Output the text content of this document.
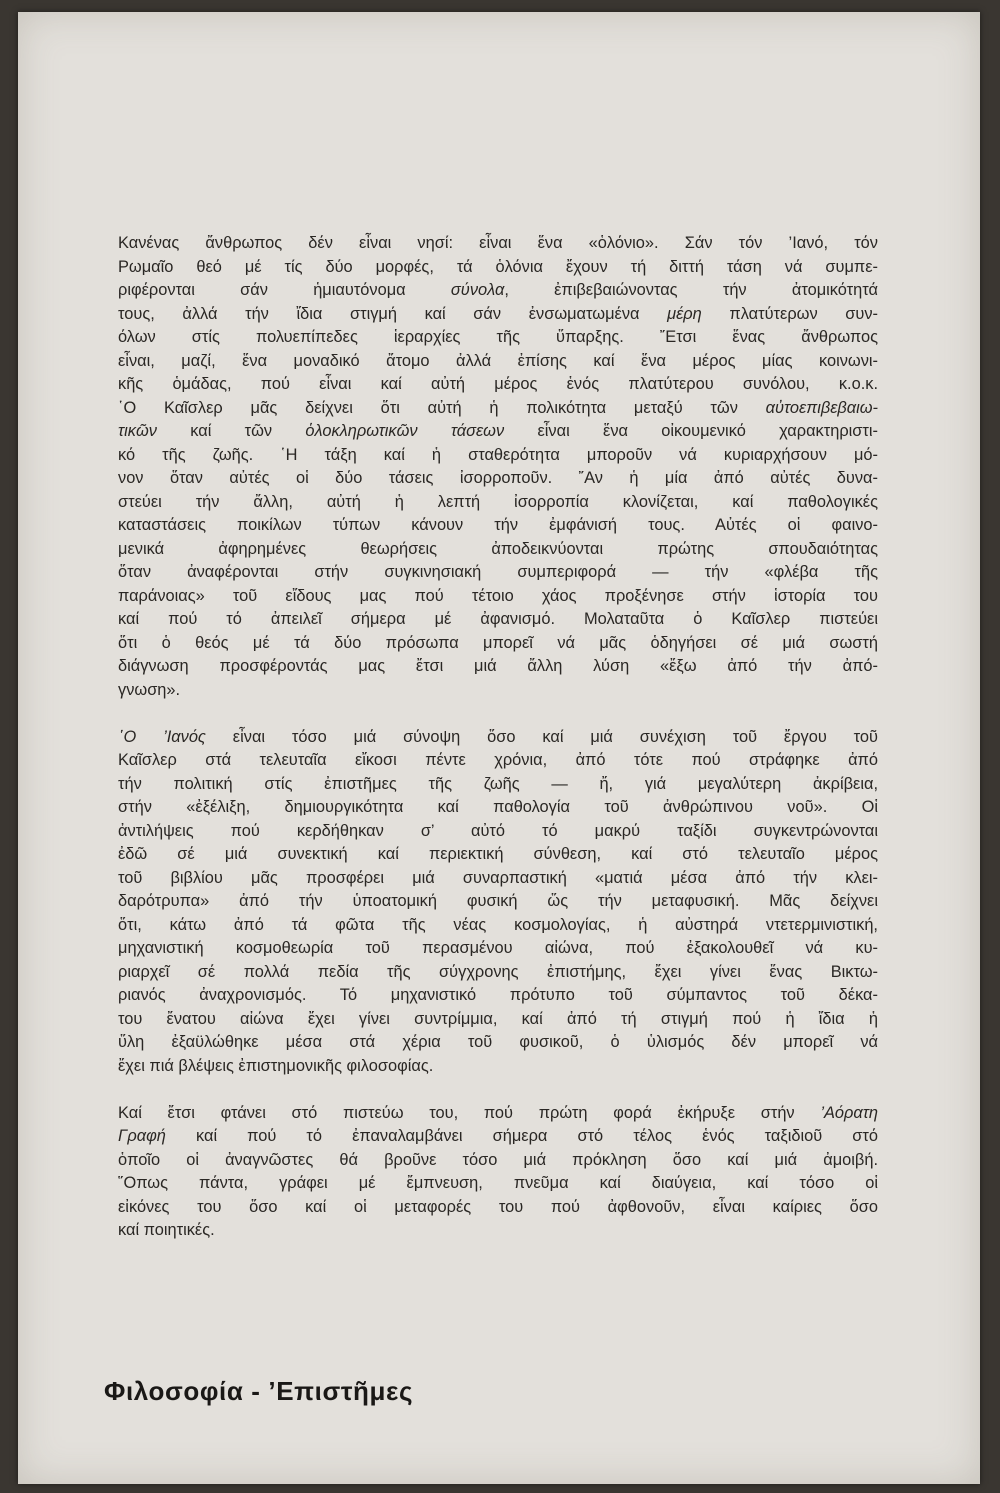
Κανένας ἄνθρωπος δέν εἶναι νησί: εἶναι ἕνα «ὁλόνιο». Σάν τόν ’Ιανό, τόν
Ρωμαῖο θεό μέ τίς δύο μορφές, τά ὁλόνια ἔχουν τή διττή τάση νά συμπε-
ριφέρονται σάν ἡμιαυτόνομα σύνολα, ἐπιβεβαιώνοντας τήν ἀτομικότητά
τους, ἀλλά τήν ἴδια στιγμή καί σάν ἐνσωματωμένα μέρη πλατύτερων συν-
όλων στίς πολυεπίπεδες ἱεραρχίες τῆς ὕπαρξης. ῎Ετσι ἕνας ἄνθρωπος
εἶναι, μαζί, ἕνα μοναδικό ἄτομο ἀλλά ἐπίσης καί ἕνα μέρος μίας κοινωνι-
κῆς ὁμάδας, πού εἶναι καί αὐτή μέρος ἑνός πλατύτερου συνόλου, κ.ο.κ.
῾Ο Καῖσλερ μᾶς δείχνει ὅτι αὐτή ἡ πολικότητα μεταξύ τῶν αὐτοεπιβεβαιω-
τικῶν καί τῶν ὁλοκληρωτικῶν τάσεων εἶναι ἕνα οἰκουμενικό χαρακτηριστι-
κό τῆς ζωῆς. ῾Η τάξη καί ἡ σταθερότητα μποροῦν νά κυριαρχήσουν μό-
νον ὅταν αὐτές οἱ δύο τάσεις ἰσορροποῦν. ῎Αν ἡ μία ἀπό αὐτές δυνα-
στεύει τήν ἄλλη, αὐτή ἡ λεπτή ἰσορροπία κλονίζεται, καί παθολογικές
καταστάσεις ποικίλων τύπων κάνουν τήν ἐμφάνισή τους. Αὐτές οἱ φαινο-
μενικά ἀφηρημένες θεωρήσεις ἀποδεικνύονται πρώτης σπουδαιότητας
ὅταν ἀναφέρονται στήν συγκινησιακή συμπεριφορά — τήν «φλέβα τῆς
παράνοιας» τοῦ εἴδους μας πού τέτοιο χάος προξένησε στήν ἱστορία του
καί πού τό ἀπειλεῖ σήμερα μέ ἀφανισμό. Μολαταῦτα ὁ Καῖσλερ πιστεύει
ὅτι ὁ θεός μέ τά δύο πρόσωπα μπορεῖ νά μᾶς ὁδηγήσει σέ μιά σωστή
διάγνωση προσφέροντάς μας ἔτσι μιά ἄλλη λύση «ἔξω ἀπό τήν ἀπό-
γνωση».
῾Ο ’Ιανός εἶναι τόσο μιά σύνοψη ὅσο καί μιά συνέχιση τοῦ ἔργου τοῦ
Καῖσλερ στά τελευταῖα εἴκοσι πέντε χρόνια, ἀπό τότε πού στράφηκε ἀπό
τήν πολιτική στίς ἐπιστῆμες τῆς ζωῆς — ἤ, γιά μεγαλύτερη ἀκρίβεια,
στήν «ἐξέλιξη, δημιουργικότητα καί παθολογία τοῦ ἀνθρώπινου νοῦ». Οἱ
ἀντιλήψεις πού κερδήθηκαν σ’ αὐτό τό μακρύ ταξίδι συγκεντρώνονται
ἐδῶ σέ μιά συνεκτική καί περιεκτική σύνθεση, καί στό τελευταῖο μέρος
τοῦ βιβλίου μᾶς προσφέρει μιά συναρπαστική «ματιά μέσα ἀπό τήν κλει-
δαρότρυπα» ἀπό τήν ὑποατομική φυσική ὥς τήν μεταφυσική. Μᾶς δείχνει
ὅτι, κάτω ἀπό τά φῶτα τῆς νέας κοσμολογίας, ἡ αὐστηρά ντετερμινιστική,
μηχανιστική κοσμοθεωρία τοῦ περασμένου αἰώνα, πού ἐξακολουθεῖ νά κυ-
ριαρχεῖ σέ πολλά πεδία τῆς σύγχρονης ἐπιστήμης, ἔχει γίνει ἕνας Βικτω-
ριανός ἀναχρονισμός. Τό μηχανιστικό πρότυπο τοῦ σύμπαντος τοῦ δέκα-
του ἔνατου αἰώνα ἔχει γίνει συντρίμμια, καί ἀπό τή στιγμή πού ἡ ἴδια ἡ
ὕλη ἐξαϋλώθηκε μέσα στά χέρια τοῦ φυσικοῦ, ὁ ὑλισμός δέν μπορεῖ νά
ἔχει πιά βλέψεις ἐπιστημονικῆς φιλοσοφίας.
Καί ἔτσι φτάνει στό πιστεύω του, πού πρώτη φορά ἐκήρυξε στήν ’Αόρατη
Γραφή καί πού τό ἐπαναλαμβάνει σήμερα στό τέλος ἑνός ταξιδιοῦ στό
ὁποῖο οἱ ἀναγνῶστες θά βροῦνε τόσο μιά πρόκληση ὅσο καί μιά ἀμοιβή.
῞Οπως πάντα, γράφει μέ ἔμπνευση, πνεῦμα καί διαύγεια, καί τόσο οἱ
εἰκόνες του ὅσο καί οἱ μεταφορές του πού ἀφθονοῦν, εἶναι καίριες ὅσο
καί ποιητικές.
Φιλοσοφία - ’Επιστῆμες
